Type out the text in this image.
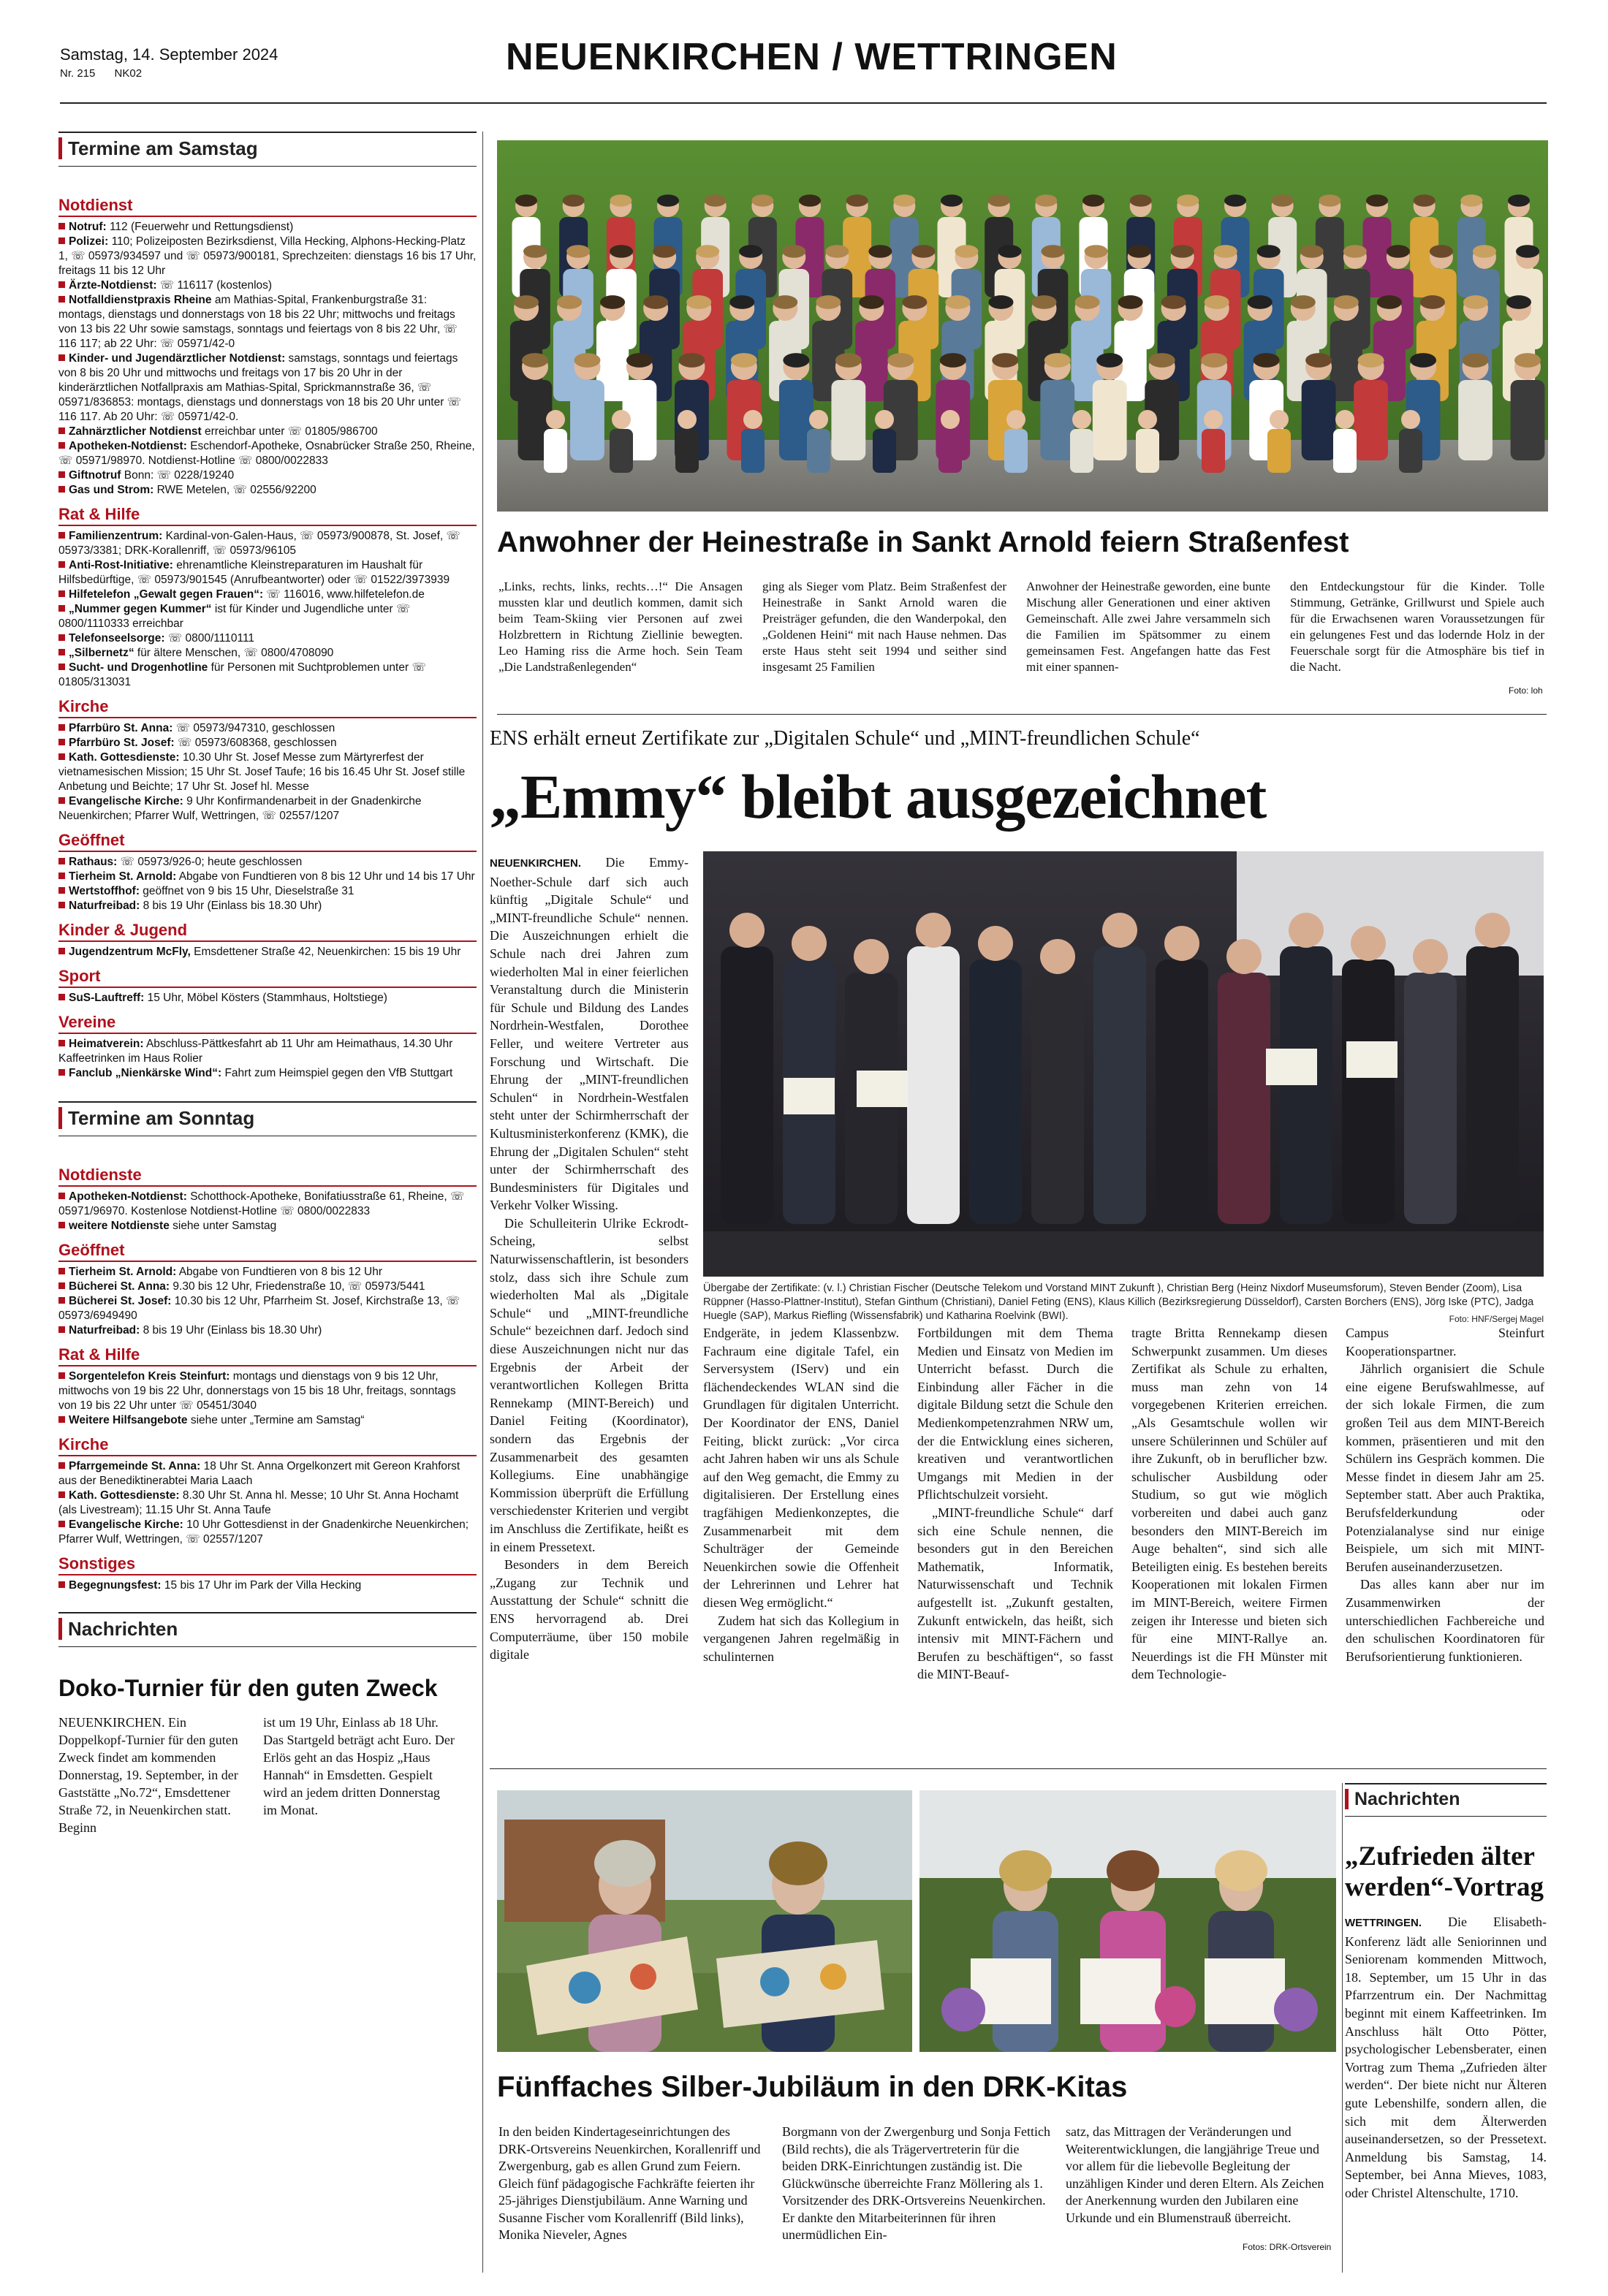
Samstag, 14. September 2024
Nr. 215 NK02	NEUENKIRCHEN / WETTRINGEN
Termine am Samstag
Notdienst

Notruf: 112 (Feuerwehr und Rettungsdienst)

Polizei: 110; Polizeiposten Bezirksdienst, Villa Hecking, Alphons-Hecking-Platz 1, ☏ 05973/934597 und ☏ 05973/900181, Sprechzeiten: dienstags 16 bis 17 Uhr, freitags 11 bis 12 Uhr

Ärzte-Notdienst: ☏ 116117 (kostenlos)

Notfalldienstpraxis Rheine am Mathias-Spital, Frankenburgstraße 31: montags, dienstags und donnerstags von 18 bis 22 Uhr; mittwochs und freitags von 13 bis 22 Uhr sowie samstags, sonntags und feiertags von 8 bis 22 Uhr, ☏ 116 117; ab 22 Uhr: ☏ 05971/42-0

Kinder- und Jugendärztlicher Notdienst: samstags, sonntags und feiertags von 8 bis 20 Uhr und mittwochs und freitags von 17 bis 20 Uhr in der kinderärztlichen Notfallpraxis am Mathias-Spital, Sprickmannstraße 36, ☏ 05971/836853: montags, dienstags und donnerstags von 18 bis 20 Uhr unter ☏ 116 117. Ab 20 Uhr: ☏ 05971/42-0.

Zahnärztlicher Notdienst erreichbar unter ☏ 01805/986700

Apotheken-Notdienst: Eschendorf-Apotheke, Osnabrücker Straße 250, Rheine, ☏ 05971/98970. Notdienst-Hotline ☏ 0800/0022833

Giftnotruf Bonn: ☏ 0228/19240

Gas und Strom: RWE Metelen, ☏ 02556/92200

Rat & Hilfe

Familienzentrum: Kardinal-von-Galen-Haus, ☏ 05973/900878, St. Josef, ☏ 05973/3381; DRK-Korallenriff, ☏ 05973/96105

Anti-Rost-Initiative: ehrenamtliche Kleinstreparaturen im Haushalt für Hilfsbedürftige, ☏ 05973/901545 (Anrufbeantworter) oder ☏ 01522/3973939

Hilfetelefon „Gewalt gegen Frauen“: ☏ 116016, www.hilfetelefon.de

„Nummer gegen Kummer“ ist für Kinder und Jugendliche unter ☏ 0800/1110333 erreichbar

Telefonseelsorge: ☏ 0800/1110111

„Silbernetz“ für ältere Menschen, ☏ 0800/4708090

Sucht- und Drogenhotline für Personen mit Suchtproblemen unter ☏ 01805/313031

Kirche

Pfarrbüro St. Anna: ☏ 05973/947310, geschlossen

Pfarrbüro St. Josef: ☏ 05973/608368, geschlossen

Kath. Gottesdienste: 10.30 Uhr St. Josef Messe zum Märtyrerfest der vietnamesischen Mission; 15 Uhr St. Josef Taufe; 16 bis 16.45 Uhr St. Josef stille Anbetung und Beichte; 17 Uhr St. Josef hl. Messe

Evangelische Kirche: 9 Uhr Konfirmandenarbeit in der Gnadenkirche Neuenkirchen; Pfarrer Wulf, Wettringen, ☏ 02557/1207

Geöffnet

Rathaus: ☏ 05973/926-0; heute geschlossen

Tierheim St. Arnold: Abgabe von Fundtieren von 8 bis 12 Uhr und 14 bis 17 Uhr

Wertstoffhof: geöffnet von 9 bis 15 Uhr, Dieselstraße 31

Naturfreibad: 8 bis 19 Uhr (Einlass bis 18.30 Uhr)

Kinder & Jugend

Jugendzentrum McFly, Emsdettener Straße 42, Neuenkirchen: 15 bis 19 Uhr

Sport

SuS-Lauftreff: 15 Uhr, Möbel Kösters (Stammhaus, Holtstiege)

Vereine

Heimatverein: Abschluss-Pättkesfahrt ab 11 Uhr am Heimathaus, 14.30 Uhr Kaffeetrinken im Haus Rolier

Fanclub „Nienkärske Wind“: Fahrt zum Heimspiel gegen den VfB Stuttgart

Termine am Sonntag
Notdienste

Apotheken-Notdienst: Schotthock-Apotheke, Bonifatiusstraße 61, Rheine, ☏ 05971/96970. Kostenlose Notdienst-Hotline ☏ 0800/0022833

weitere Notdienste siehe unter Samstag

Geöffnet

Tierheim St. Arnold: Abgabe von Fundtieren von 8 bis 12 Uhr

Bücherei St. Anna: 9.30 bis 12 Uhr, Friedenstraße 10, ☏ 05973/5441

Bücherei St. Josef: 10.30 bis 12 Uhr, Pfarrheim St. Josef, Kirchstraße 13, ☏ 05973/6949490

Naturfreibad: 8 bis 19 Uhr (Einlass bis 18.30 Uhr)

Rat & Hilfe

Sorgentelefon Kreis Steinfurt: montags und dienstags von 9 bis 12 Uhr, mittwochs von 19 bis 22 Uhr, donnerstags von 15 bis 18 Uhr, freitags, sonntags von 19 bis 22 Uhr unter ☏ 05451/3040

Weitere Hilfsangebote siehe unter „Termine am Samstag“

Kirche

Pfarrgemeinde St. Anna: 18 Uhr St. Anna Orgelkonzert mit Gereon Krahforst aus der Benediktinerabtei Maria Laach

Kath. Gottesdienste: 8.30 Uhr St. Anna hl. Messe; 10 Uhr St. Anna Hochamt (als Livestream); 11.15 Uhr St. Anna Taufe

Evangelische Kirche: 10 Uhr Gottesdienst in der Gnadenkirche Neuenkirchen; Pfarrer Wulf, Wettringen, ☏ 02557/1207

Sonstiges

Begegnungsfest: 15 bis 17 Uhr im Park der Villa Hecking

Nachrichten
Doko-Turnier für den guten Zweck
NEUENKIRCHEN. Ein Doppelkopf-Turnier für den guten Zweck findet am kommenden Donnerstag, 19. September, in der Gaststätte „No.72“, Emsdettener Straße 72, in Neuenkirchen statt. Beginn
ist um 19 Uhr, Einlass ab 18 Uhr. Das Startgeld beträgt acht Euro. Der Erlös geht an das Hospiz „Haus Hannah“ in Emsdetten. Gespielt wird an jedem dritten Donnerstag im Monat.
Anwohner der Heinestraße in Sankt Arnold feiern Straßenfest
„Links, rechts, links, rechts…!“ Die Ansagen mussten klar und deutlich kommen, damit sich beim Team-Skiing vier Personen auf zwei Holzbrettern in Richtung Ziellinie bewegten. Leo Haming riss die Arme hoch. Sein Team „Die Landstraßenlegenden“
ging als Sieger vom Platz. Beim Straßenfest der Heinestraße in Sankt Arnold waren die Preisträger gefunden, die den Wanderpokal, den „Goldenen Heini“ mit nach Hause nehmen. Das erste Haus steht seit 1994 und seither sind insgesamt 25 Familien
Anwohner der Heinestraße geworden, eine bunte Mischung aller Generationen und einer aktiven Gemeinschaft. Alle zwei Jahre versammeln sich die Familien im Spätsommer zu einem gemeinsamen Fest. Angefangen hatte das Fest mit einer spannen-
den Entdeckungstour für die Kinder. Tolle Stimmung, Getränke, Grillwurst und Spiele auch für die Erwachsenen waren Voraussetzungen für ein gelungenes Fest und das lodernde Holz in der Feuerschale sorgt für die Atmosphäre bis tief in die Nacht.
Foto: loh
ENS erhält erneut Zertifikate zur „Digitalen Schule“ und „MINT-freundlichen Schule“
„Emmy“ bleibt ausgezeichnet

NEUENKIRCHEN. Die Emmy-Noether-Schule darf sich auch künftig „Digitale Schule“ und „MINT-freundliche Schule“ nennen. Die Auszeichnungen erhielt die Schule nach drei Jahren zum wiederholten Mal in einer feierlichen Veranstaltung durch die Ministerin für Schule und Bildung des Landes Nordrhein-Westfalen, Dorothee Feller, und weitere Vertreter aus Forschung und Wirtschaft. Die Ehrung der „MINT-freundlichen Schulen“ in Nordrhein-Westfalen steht unter der Schirmherrschaft der Kultusministerkonferenz (KMK), die Ehrung der „Digitalen Schulen“ steht unter der Schirmherrschaft des Bundesministers für Digitales und Verkehr Volker Wissing.

Die Schulleiterin Ulrike Eckrodt-Scheing, selbst Naturwissenschaftlerin, ist besonders stolz, dass sich ihre Schule zum wiederholten Mal als „Digitale Schule“ und „MINT-freundliche Schule“ bezeichnen darf. Jedoch sind diese Auszeichnungen nicht nur das Ergebnis der Arbeit der verantwortlichen Kollegen Britta Rennekamp (MINT-Bereich) und Daniel Feiting (Koordinator), sondern das Ergebnis der Zusammenarbeit des gesamten Kollegiums. Eine unabhängige Kommission überprüft die Erfüllung verschiedenster Kriterien und vergibt im Anschluss die Zertifikate, heißt es in einem Pressetext.

Besonders in dem Bereich „Zugang zur Technik und Ausstattung der Schule“ schnitt die ENS hervorragend ab. Drei Computerräume, über 150 mobile digitale

Übergabe der Zertifikate: (v. l.) Christian Fischer (Deutsche Telekom und Vorstand MINT Zukunft ), Christian Berg (Heinz Nixdorf Museumsforum), Steven Bender (Zoom), Lisa Rüppner (Hasso-Plattner-Institut), Stefan Ginthum (Christiani), Daniel Feting (ENS), Klaus Killich (Bezirksregierung Düsseldorf), Carsten Borchers (ENS), Jörg Iske (PTC), Jadga Huegle (SAP), Markus Riefling (Wissensfabrik) und Katharina Roelvink (BWI).	Foto: HNF/Sergej Magel

Endgeräte, in jedem Klassenbzw. Fachraum eine digitale Tafel, ein Serversystem (IServ) und ein flächendeckendes WLAN sind die Grundlagen für digitalen Unterricht. Der Koordinator der ENS, Daniel Feiting, blickt zurück: „Vor circa acht Jahren haben wir uns als Schule auf den Weg gemacht, die Emmy zu digitalisieren. Der Erstellung eines tragfähigen Medienkonzeptes, die Zusammenarbeit mit dem Schulträger der Gemeinde Neuenkirchen sowie die Offenheit der Lehrerinnen und Lehrer hat diesen Weg ermöglicht.“

Zudem hat sich das Kollegium in vergangenen Jahren regelmäßig in schulinternen

Fortbildungen mit dem Thema Medien und Einsatz von Medien im Unterricht befasst. Durch die Einbindung aller Fächer in die digitale Bildung setzt die Schule den Medienkompetenzrahmen NRW um, der die Entwicklung eines sicheren, kreativen und verantwortlichen Umgangs mit Medien in der Pflichtschulzeit vorsieht.

„MINT-freundliche Schule“ darf sich eine Schule nennen, die besonders gut in den Bereichen Mathematik, Informatik, Naturwissenschaft und Technik aufgestellt ist. „Zukunft gestalten, Zukunft entwickeln, das heißt, sich intensiv mit MINT-Fächern und Berufen zu beschäftigen“, so fasst die MINT-Beauf-

tragte Britta Rennekamp diesen Schwerpunkt zusammen. Um dieses Zertifikat als Schule zu erhalten, muss man zehn von 14 vorgegebenen Kriterien erreichen. „Als Gesamtschule wollen wir unsere Schülerinnen und Schüler auf ihre Zukunft, ob in beruflicher bzw. schulischer Ausbildung oder Studium, so gut wie möglich vorbereiten und dabei auch ganz besonders den MINT-Bereich im Auge behalten“, sind sich alle Beteiligten einig. Es bestehen bereits Kooperationen mit lokalen Firmen im MINT-Bereich, weitere Firmen zeigen ihr Interesse und bieten sich für eine MINT-Rallye an. Neuerdings ist die FH Münster mit dem Technologie-

Campus Steinfurt Kooperationspartner.

Jährlich organisiert die Schule eine eigene Berufswahlmesse, auf der sich lokale Firmen, die zum großen Teil aus dem MINT-Bereich kommen, präsentieren und mit den Schülern ins Gespräch kommen. Die Messe findet in diesem Jahr am 25. September statt. Aber auch Praktika, Berufsfelderkundung oder Potenzialanalyse sind nur einige Beispiele, um sich mit MINT-Berufen auseinanderzusetzen.

Das alles kann aber nur im Zusammenwirken der unterschiedlichen Fachbereiche und den schulischen Koordinatoren für Berufsorientierung funktionieren.

Fünffaches Silber-Jubiläum in den DRK-Kitas
In den beiden Kindertageseinrichtungen des DRK-Ortsvereins Neuenkirchen, Korallenriff und Zwergenburg, gab es allen Grund zum Feiern. Gleich fünf pädagogische Fachkräfte feierten ihr 25-jähriges Dienstjubiläum. Anne Warning und Susanne Fischer vom Korallenriff (Bild links), Monika Nieveler, Agnes
Borgmann von der Zwergenburg und Sonja Fettich (Bild rechts), die als Trägervertreterin für die beiden DRK-Einrichtungen zuständig ist. Die Glückwünsche überreichte Franz Möllering als 1. Vorsitzender des DRK-Ortsvereins Neuenkirchen. Er dankte den Mitarbeiterinnen für ihren unermüdlichen Ein-
satz, das Mittragen der Veränderungen und Weiterentwicklungen, die langjährige Treue und vor allem für die liebevolle Begleitung der unzähligen Kinder und deren Eltern. Als Zeichen der Anerkennung wurden den Jubilaren eine Urkunde und ein Blumenstrauß überreicht.
Fotos: DRK-Ortsverein
Nachrichten
„Zufrieden älter werden“-Vortrag
WETTRINGEN. Die Elisabeth-Konferenz lädt alle Seniorinnen und Seniorenam kommenden Mittwoch, 18. September, um 15 Uhr in das Pfarrzentrum ein. Der Nachmittag beginnt mit einem Kaffeetrinken. Im Anschluss hält Otto Pötter, psychologischer Lebensberater, einen Vortrag zum Thema „Zufrieden älter werden“. Der biete nicht nur Älteren gute Lebenshilfe, sondern allen, die sich mit dem Älterwerden auseinandersetzen, so der Pressetext. Anmeldung bis Samstag, 14. September, bei Anna Mieves, 1083, oder Christel Altenschulte, 1710.
